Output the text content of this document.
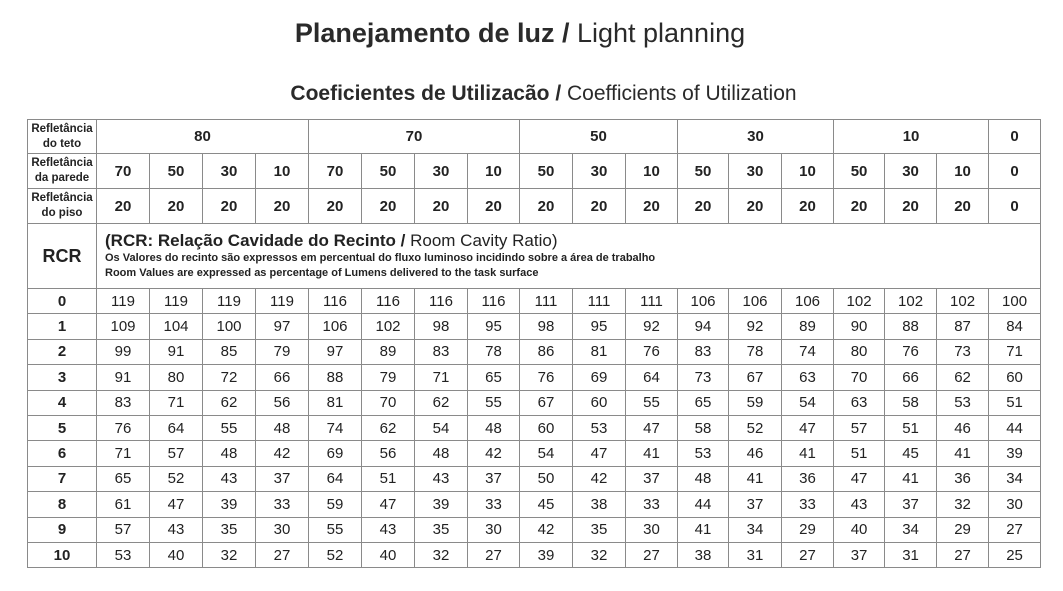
Planejamento de luz / Light planning
Coeficientes de Utilizacão / Coefficients of Utilization
Refletância
do teto	80				70				50			30			10			0
Refletância
da parede	70	50	30	10	70	50	30	10	50	30	10	50	30	10	50	30	10	0
Refletância
do piso	20	20	20	20	20	20	20	20	20	20	20	20	20	20	20	20	20	0
RCR	(RCR: Relação Cavidade do Recinto / Room Cavity Ratio)
Os Valores do recinto são expressos em percentual do fluxo luminoso incidindo sobre a área de trabalho
Room Values are expressed as percentage of Lumens delivered to the task surface																	

0	119	119	119	119	116	116	116	116	111	111	111	106	106	106	102	102	102	100
1	109	104	100	97	106	102	98	95	98	95	92	94	92	89	90	88	87	84
2	99	91	85	79	97	89	83	78	86	81	76	83	78	74	80	76	73	71
3	91	80	72	66	88	79	71	65	76	69	64	73	67	63	70	66	62	60
4	83	71	62	56	81	70	62	55	67	60	55	65	59	54	63	58	53	51
5	76	64	55	48	74	62	54	48	60	53	47	58	52	47	57	51	46	44
6	71	57	48	42	69	56	48	42	54	47	41	53	46	41	51	45	41	39
7	65	52	43	37	64	51	43	37	50	42	37	48	41	36	47	41	36	34
8	61	47	39	33	59	47	39	33	45	38	33	44	37	33	43	37	32	30
9	57	43	35	30	55	43	35	30	42	35	30	41	34	29	40	34	29	27
10	53	40	32	27	52	40	32	27	39	32	27	38	31	27	37	31	27	25
